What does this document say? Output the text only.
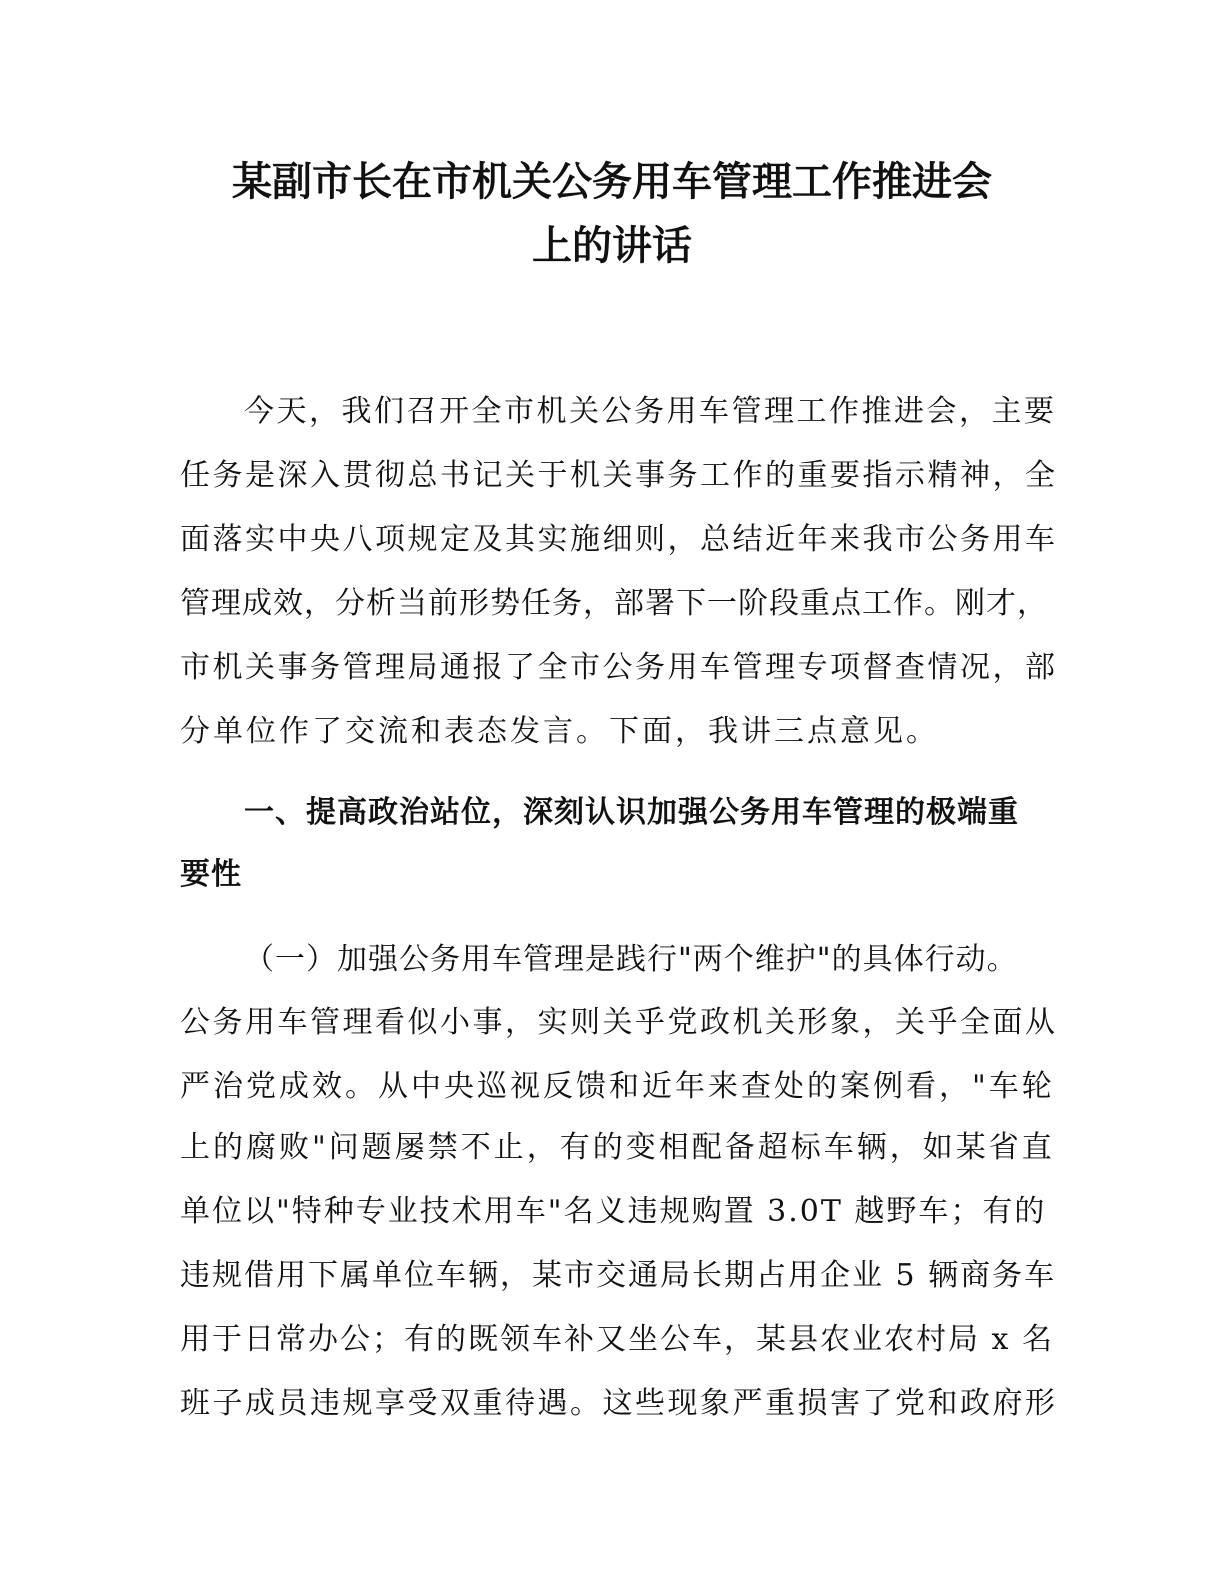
某副市长在市机关公务用车管理工作推进会
上的讲话
今天，我们召开全市机关公务用车管理工作推进会，主要
任务是深入贯彻总书记关于机关事务工作的重要指示精神，全
面落实中央八项规定及其实施细则，总结近年来我市公务用车
管理成效，分析当前形势任务，部署下一阶段重点工作。刚才，
市机关事务管理局通报了全市公务用车管理专项督查情况，部
分单位作了交流和表态发言。下面，我讲三点意见。
一、提高政治站位，深刻认识加强公务用车管理的极端重
要性
（一）加强公务用车管理是践行"两个维护"的具体行动。
公务用车管理看似小事，实则关乎党政机关形象，关乎全面从
严治党成效。从中央巡视反馈和近年来查处的案例看，"车轮
上的腐败"问题屡禁不止，有的变相配备超标车辆，如某省直
单位以"特种专业技术用车"名义违规购置 3.0T 越野车；有的
违规借用下属单位车辆，某市交通局长期占用企业 5 辆商务车
用于日常办公；有的既领车补又坐公车，某县农业农村局 x 名
班子成员违规享受双重待遇。这些现象严重损害了党和政府形
